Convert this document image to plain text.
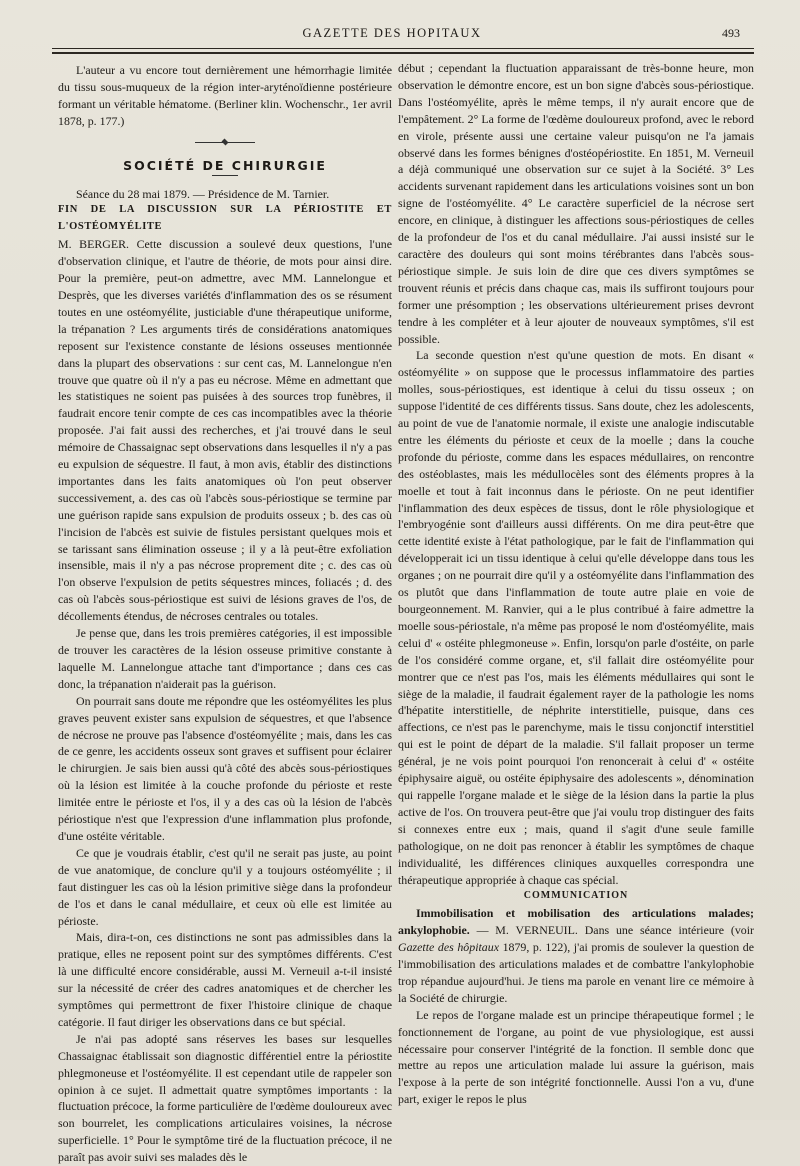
GAZETTE DES HOPITAUX	493

L'auteur a vu encore tout dernièrement une hémorrhagie limitée du tissu sous-muqueux de la région inter-aryténoïdienne postérieure formant un véritable hématome. (Berliner klin. Wochenschr., 1er avril 1878, p. 177.)

SOCIÉTÉ DE CHIRURGIE

Séance du 28 mai 1879. — Présidence de M. Tarnier.

FIN DE LA DISCUSSION SUR LA PÉRIOSTITE ET L'OSTÉOMYÉLITE

M. BERGER. Cette discussion a soulevé deux questions, l'une d'observation clinique, et l'autre de théorie, de mots pour ainsi dire. Pour la première, peut-on admettre, avec MM. Lannelongue et Desprès, que les diverses variétés d'inflammation des os se résument toutes en une ostéomyélite, justiciable d'une thérapeutique uniforme, la trépanation ? Les arguments tirés de considérations anatomiques reposent sur l'existence constante de lésions osseuses mentionnée dans la plupart des observations : sur cent cas, M. Lannelongue n'en trouve que quatre où il n'y a pas eu nécrose. Même en admettant que les statistiques ne soient pas puisées à des sources trop funèbres, il faudrait encore tenir compte de ces cas incompatibles avec la théorie proposée. J'ai fait aussi des recherches, et j'ai trouvé dans le seul mémoire de Chassaignac sept observations dans lesquelles il n'y a pas eu expulsion de séquestre. Il faut, à mon avis, établir des distinctions importantes dans les faits anatomiques où l'on peut observer successivement, a. des cas où l'abcès sous-périostique se termine par une guérison rapide sans expulsion de produits osseux ; b. des cas où l'incision de l'abcès est suivie de fistules persistant quelques mois et se tarissant sans élimination osseuse ; il y a là peut-être exfoliation insensible, mais il n'y a pas nécrose proprement dite ; c. des cas où l'on observe l'expulsion de petits séquestres minces, foliacés ; d. des cas où l'abcès sous-périostique est suivi de lésions graves de l'os, de décollements étendus, de nécroses centrales ou totales.

Je pense que, dans les trois premières catégories, il est impossible de trouver les caractères de la lésion osseuse primitive constante à laquelle M. Lannelongue attache tant d'importance ; dans ces cas donc, la trépanation n'aiderait pas la guérison.

On pourrait sans doute me répondre que les ostéomyélites les plus graves peuvent exister sans expulsion de séquestres, et que l'absence de nécrose ne prouve pas l'absence d'ostéomyélite ; mais, dans les cas de ce genre, les accidents osseux sont graves et suffisent pour éclairer le chirurgien. Je sais bien aussi qu'à côté des abcès sous-périostiques où la lésion est limitée à la couche profonde du périoste et reste limitée entre le périoste et l'os, il y a des cas où la lésion de l'abcès périostique n'est que l'expression d'une inflammation plus profonde, d'une ostéite véritable.

Ce que je voudrais établir, c'est qu'il ne serait pas juste, au point de vue anatomique, de conclure qu'il y a toujours ostéomyélite ; il faut distinguer les cas où la lésion primitive siège dans la profondeur de l'os et dans le canal médullaire, et ceux où elle est limitée au périoste.

Mais, dira-t-on, ces distinctions ne sont pas admissibles dans la pratique, elles ne reposent point sur des symptômes différents. C'est là une difficulté encore considérable, aussi M. Verneuil a-t-il insisté sur la nécessité de créer des cadres anatomiques et de chercher les symptômes qui permettront de fixer l'histoire clinique de chaque catégorie. Il faut diriger les observations dans ce but spécial.

Je n'ai pas adopté sans réserves les bases sur lesquelles Chassaignac établissait son diagnostic différentiel entre la périostite phlegmoneuse et l'ostéomyélite. Il est cependant utile de rappeler son opinion à ce sujet. Il admettait quatre symptômes importants : la fluctuation précoce, la forme particulière de l'œdème douloureux avec son bourrelet, les complications articulaires voisines, la nécrose superficielle. 1° Pour le symptôme tiré de la fluctuation précoce, il ne paraît pas avoir suivi ses malades dès le

début ; cependant la fluctuation apparaissant de très-bonne heure, mon observation le démontre encore, est un bon signe d'abcès sous-périostique. Dans l'ostéomyélite, après le même temps, il n'y aurait encore que de l'empâtement. 2° La forme de l'œdème douloureux profond, avec le rebord en virole, présente aussi une certaine valeur puisqu'on ne l'a jamais observé dans les formes bénignes d'ostéopériostite. En 1851, M. Verneuil a déjà communiqué une observation sur ce sujet à la Société. 3° Les accidents survenant rapidement dans les articulations voisines sont un bon signe de l'ostéomyélite. 4° Le caractère superficiel de la nécrose sert encore, en clinique, à distinguer les affections sous-périostiques de celles de la profondeur de l'os et du canal médullaire. J'ai aussi insisté sur le caractère des douleurs qui sont moins térébrantes dans l'abcès sous-périostique simple. Je suis loin de dire que ces divers symptômes se trouvent réunis et précis dans chaque cas, mais ils suffiront toujours pour former une présomption ; les observations ultérieurement prises devront tendre à les compléter et à leur ajouter de nouveaux symptômes, s'il est possible.

La seconde question n'est qu'une question de mots. En disant « ostéomyélite » on suppose que le processus inflammatoire des parties molles, sous-périostiques, est identique à celui du tissu osseux ; on suppose l'identité de ces différents tissus. Sans doute, chez les adolescents, au point de vue de l'anatomie normale, il existe une analogie indiscutable entre les éléments du périoste et ceux de la moelle ; dans la couche profonde du périoste, comme dans les espaces médullaires, on rencontre des ostéoblastes, mais les médullocèles sont des éléments propres à la moelle et tout à fait inconnus dans le périoste. On ne peut identifier l'inflammation des deux espèces de tissus, dont le rôle physiologique et l'embryogénie sont d'ailleurs aussi différents. On me dira peut-être que cette identité existe à l'état pathologique, par le fait de l'inflammation qui développerait ici un tissu identique à celui qu'elle développe dans tous les organes ; on ne pourrait dire qu'il y a ostéomyélite dans l'inflammation des os plutôt que dans l'inflammation de toute autre plaie en voie de bourgeonnement. M. Ranvier, qui a le plus contribué à faire admettre la moelle sous-périostale, n'a même pas proposé le nom d'ostéomyélite, mais celui d' « ostéite phlegmoneuse ». Enfin, lorsqu'on parle d'ostéite, on parle de l'os considéré comme organe, et, s'il fallait dire ostéomyélite pour montrer que ce n'est pas l'os, mais les éléments médullaires qui sont le siège de la maladie, il faudrait également rayer de la pathologie les noms d'hépatite interstitielle, de néphrite interstitielle, puisque, dans ces affections, ce n'est pas le parenchyme, mais le tissu conjonctif interstitiel qui est le point de départ de la maladie. S'il fallait proposer un terme général, je ne vois point pourquoi l'on renoncerait à celui d' « ostéite épiphysaire aiguë, ou ostéite épiphysaire des adolescents », dénomination qui rappelle l'organe malade et le siège de la lésion dans la partie la plus active de l'os. On trouvera peut-être que j'ai voulu trop distinguer des faits si connexes entre eux ; mais, quand il s'agit d'une seule famille pathologique, on ne doit pas renoncer à établir les symptômes de chaque individualité, les différences cliniques auxquelles correspondra une thérapeutique appropriée à chaque cas spécial.

COMMUNICATION

Immobilisation et mobilisation des articulations malades; ankylophobie. — M. VERNEUIL. Dans une séance intérieure (voir Gazette des hôpitaux 1879, p. 122), j'ai promis de soulever la question de l'immobilisation des articulations malades et de combattre l'ankylophobie trop répandue aujourd'hui. Je tiens ma parole en venant lire ce mémoire à la Société de chirurgie.

Le repos de l'organe malade est un principe thérapeutique formel ; le fonctionnement de l'organe, au point de vue physiologique, est aussi nécessaire pour conserver l'intégrité de la fonction. Il semble donc que mettre au repos une articulation malade lui assure la guérison, mais l'expose à la perte de son intégrité fonctionnelle. Aussi l'on a vu, d'une part, exiger le repos le plus
